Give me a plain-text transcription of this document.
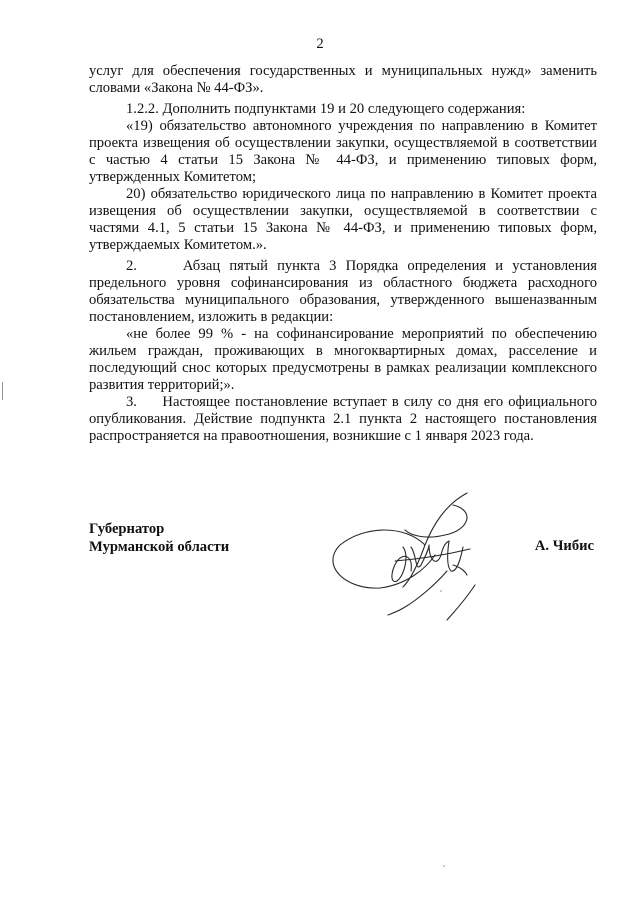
2

услуг для обеспечения государственных и муниципальных нужд» заменить словами «Закона № 44-ФЗ».

1.2.2. Дополнить подпунктами 19 и 20 следующего содержания:

«19) обязательство автономного учреждения по направлению в Комитет проекта извещения об осуществлении закупки, осуществляемой в соответствии с частью 4 статьи 15 Закона № 44-ФЗ, и применению типовых форм, утвержденных Комитетом;

20) обязательство юридического лица по направлению в Комитет проекта извещения об осуществлении закупки, осуществляемой в соответствии с частями 4.1, 5 статьи 15 Закона № 44-ФЗ, и применению типовых форм, утверждаемых Комитетом.».

2.     Абзац пятый пункта 3 Порядка определения и установления предельного уровня софинансирования из областного бюджета расходного обязательства муниципального образования, утвержденного вышеназванным постановлением, изложить в редакции:

«не более 99 % - на софинансирование мероприятий по обеспечению жильем граждан, проживающих в многоквартирных домах, расселение и последующий снос которых предусмотрены в рамках реализации комплексного развития территорий;».

3.     Настоящее постановление вступает в силу со дня его официального опубликования. Действие подпункта 2.1 пункта 2 настоящего постановления распространяется на правоотношения, возникшие с 1 января 2023 года.

Губернатор
Мурманской области	А. Чибис
